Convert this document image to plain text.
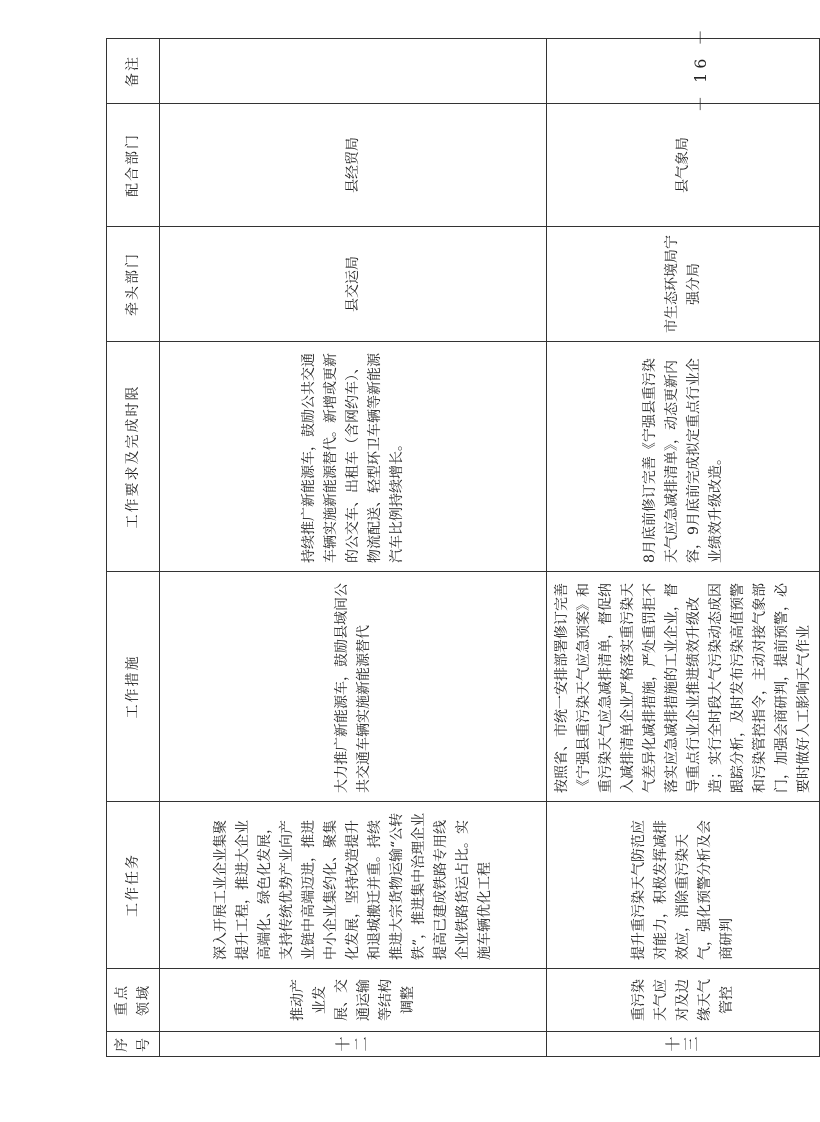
序号	重点领域	工作任务	工作措施	工作要求及完成时限	牵头部门	配合部门	备注
十二	推动产业发展、交通运输等结构调整	深入开展工业企业集聚提升工程，推进大企业高端化、绿色化发展，支持传统优势产业向产业链中高端迈进，推进中小企业集约化、聚集化发展，坚持改造提升和退城搬迁并重。持续推进大宗货物运输“公转铁”，推进集中治理企业提高已建成铁路专用线企业铁路货运占比。实施车辆优化工程	大力推广新能源车，鼓励县域间公共交通车辆实施新能源替代	持续推广新能源车，鼓励公共交通车辆实施新能源替代。新增或更新的公交车、出租车（含网约车）、物流配送、轻型环卫车辆等新能源汽车比例持续增长。	县交运局	县经贸局	
十三	重污染天气应对及边缘天气管控	提升重污染天气防范应对能力，积极发挥减排效应，消除重污染天气，强化预警分析及会商研判	按照省、市统一安排部署修订完善《宁强县重污染天气应急预案》和重污染天气应急减排清单，督促纳入减排清单企业严格落实重污染天气差异化减排措施，严处重罚拒不落实应急减排措施的工业企业，督导重点行业企业推进绩效升级改造；实行全时段大气污染动态成因跟踪分析，及时发布污染高值预警和污染管控指令，主动对接气象部门，加强会商研判，提前预警，必要时做好人工影响天气作业	8月底前修订完善《宁强县重污染天气应急减排清单》，动态更新内容，9月底前完成拟定重点行业企业绩效升级改造。	市生态环境局宁强分局	县气象局	
－ 16 －
